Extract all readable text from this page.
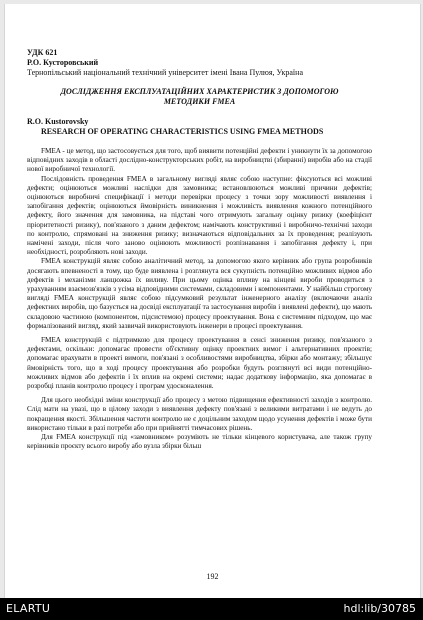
УДК 621
Р.О. Кусторовський
Тернопільський національний технічний університет імені Івана Пулюя, Україна
ДОСЛІДЖЕННЯ ЕКСПЛУАТАЦІЙНИХ ХАРАКТЕРИСТИК З ДОПОМОГОЮ МЕТОДИКИ FMEA
R.O. Kustorovsky
RESEARCH OF OPERATING CHARACTERISTICS USING FMEA METHODS

FMEA - це метод, що застосовується для того, щоб виявити потенційні дефекти і уникнути їх за допомогою відповідних заходів в області дослідно-конструкторських робіт, на виробництві (збиранні) виробів або на стадії нової виробничої технології.

Послідовність проведення FMEA в загальному вигляді являє собою наступне: фіксуються всі можливі дефекти; оцінюються можливі наслідки для замовника; встановлюються можливі причини дефектів; оцінюються виробничі специфікації і методи перевірки процесу з точки зору можливості виявлення і запобігання дефектів; оцінюються ймовірність виникнення і можливість виявлення кожного потенційного дефекту, його значення для замовника, на підставі чого отримують загальну оцінку ризику (коефіцієнт пріоритетності ризику), пов'язаного з даним дефектом; намічають конструктивні і виробничо-технічні заходи по контролю, спрямовані на зниження ризику; визначаються відповідальних за їх проведення; реалізують намічені заходи, після чого заново оцінюють можливості розпізнавання і запобігання дефекту і, при необхідності, розробляють нові заходи.

FMEA конструкцій являє собою аналітичний метод, за допомогою якого керівник або група розробників досягають впевненості в тому, що буде виявлена і розглянута вся сукупність потенційно можливих відмов або дефектів і механізми ланцюжка їх виливу. При цьому оцінка впливу на кінцеві вироби проводиться з урахуванням взаємозв'язків з усіма відповідними системами, складовими і компонентами. У найбільш строгому вигляді FMEA конструкцій являє собою підсумковий результат інженерного аналізу (включаючи аналіз дефектних виробів, що базується на досвіді експлуатації та застосування виробів і виявлені дефекти), що мають складовою частиною (компонентом, підсистемою) процесу проектування. Вона є системним підходом, що має формалізований вигляд, який зазвичай використовують інженери в процесі проектування.

FMEA конструкцій є підтримкою для процесу проектування в сенсі зниження ризику, пов'язаного з дефектами, оскільки: допомагає провести об'єктивну оцінку проектних вимог і альтернативних проектів; допомагає врахувати в проекті вимоги, пов'язані з особливостями виробництва, збірки або монтажу; збільшує ймовірність того, що в ході процесу проектування або розробки будуть розглянуті всі види потенційно-можливих відмов або дефектів і їх вплив на окремі системи; надає додаткову інформацію, яка допомагає в розробці планів контролю процесу і програм удосконалення.

Для цього необхідні зміни конструкції або процесу з метою підвищення ефективності заходів з контролю. Слід мати на увазі, що в цілому заходи з виявлення дефекту пов'язані з великими витратами і не ведуть до покращення якості. Збільшення частоти контролю не є доцільним заходом щодо усунення дефектів і може бути використано тільки в разі потреби або при прийнятті тимчасових рішень.

Для FMEA конструкції під «замовником» розуміють не тільки кінцевого користувача, але також групу керівників проєкту всього виробу або вузла збірки більш

192
ELARTU	hdl:lib/30785
